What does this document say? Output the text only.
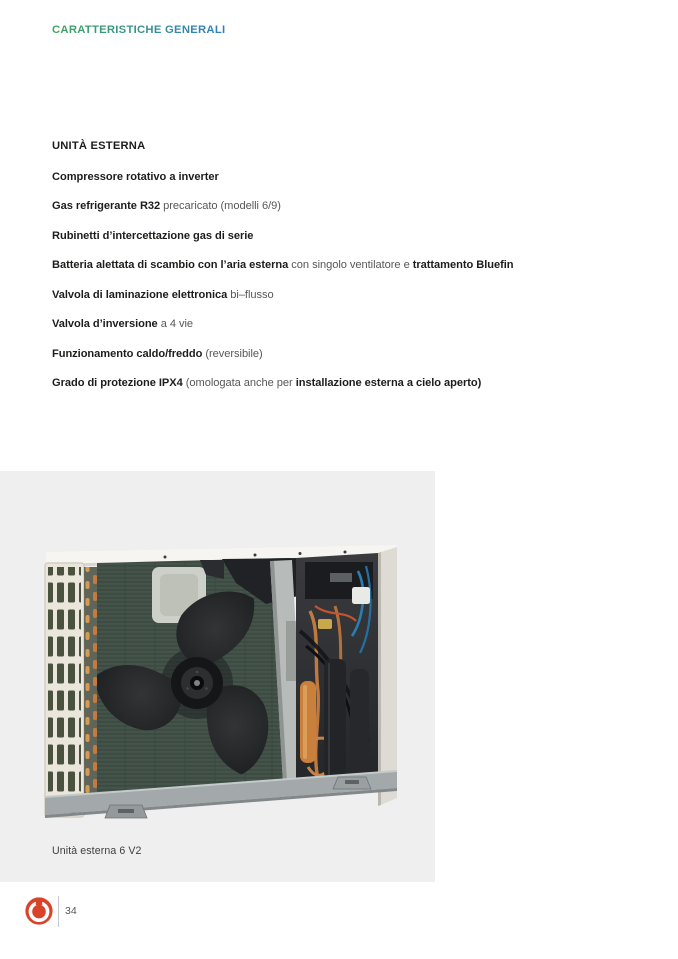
CARATTERISTICHE GENERALI
UNITÀ ESTERNA
Compressore rotativo a inverter
Gas refrigerante R32 precaricato (modelli 6/9)
Rubinetti d’intercettazione gas di serie
Batteria alettata di scambio con l’aria esterna con singolo ventilatore e trattamento Bluefin
Valvola di laminazione elettronica bi–flusso
Valvola d’inversione a 4 vie
Funzionamento caldo/freddo (reversibile)
Grado di protezione IPX4 (omologata anche per installazione esterna a cielo aperto)
Unità esterna 6 V2
34
